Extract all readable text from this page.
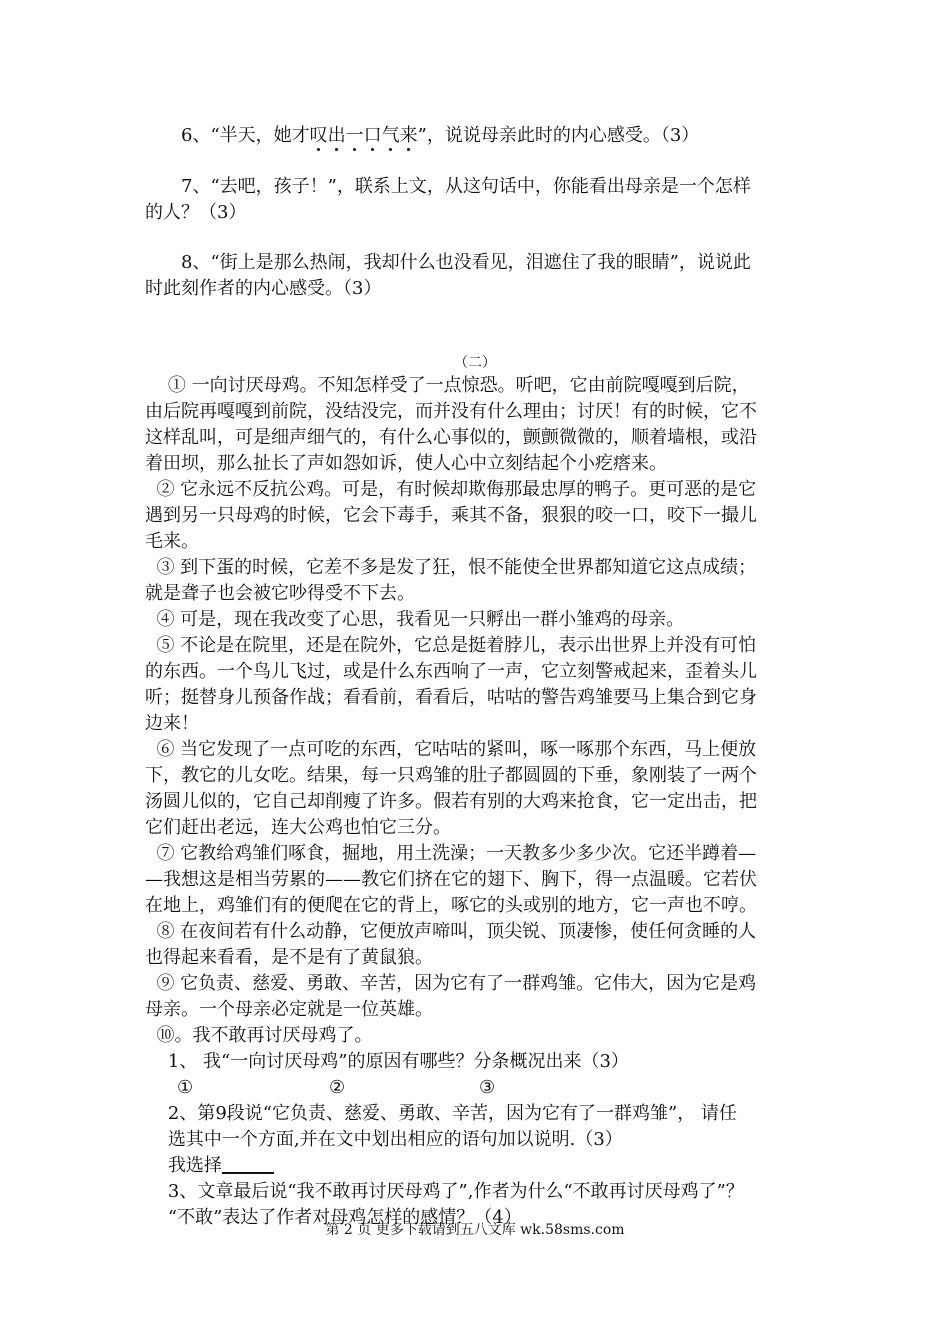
6、“半天，她才叹出一口气来”，说说母亲此时的内心感受。（3）
7、“去吧，孩子！”，联系上文，从这句话中，你能看出母亲是一个怎样
的人？（3）
8、“街上是那么热闹，我却什么也没看见，泪遮住了我的眼睛”，说说此
时此刻作者的内心感受。（3）
（二）
① 一向讨厌母鸡。不知怎样受了一点惊恐。听吧，它由前院嘎嘎到后院，
由后院再嘎嘎到前院，没结没完，而并没有什么理由；讨厌！有的时候，它不
这样乱叫，可是细声细气的，有什么心事似的，颤颤微微的，顺着墙根，或沿
着田坝，那么扯长了声如怨如诉，使人心中立刻结起个小疙瘩来。
② 它永远不反抗公鸡。可是，有时候却欺侮那最忠厚的鸭子。更可恶的是它
遇到另一只母鸡的时候，它会下毒手，乘其不备，狠狠的咬一口，咬下一撮儿
毛来。
③ 到下蛋的时候，它差不多是发了狂，恨不能使全世界都知道它这点成绩；
就是聋子也会被它吵得受不下去。
④ 可是，现在我改变了心思，我看见一只孵出一群小雏鸡的母亲。
⑤ 不论是在院里，还是在院外，它总是挺着脖儿，表示出世界上并没有可怕
的东西。一个鸟儿飞过，或是什么东西响了一声，它立刻警戒起来，歪着头儿
听；挺替身儿预备作战；看看前，看看后，咕咕的警告鸡雏要马上集合到它身
边来！
⑥ 当它发现了一点可吃的东西，它咕咕的紧叫，啄一啄那个东西，马上便放
下，教它的儿女吃。结果，每一只鸡雏的肚子都圆圆的下垂，象刚装了一两个
汤圆儿似的，它自己却削瘦了许多。假若有别的大鸡来抢食，它一定出击，把
它们赶出老远，连大公鸡也怕它三分。
⑦ 它教给鸡雏们啄食，掘地，用土洗澡；一天教多少多少次。它还半蹲着—
—我想这是相当劳累的——教它们挤在它的翅下、胸下，得一点温暖。它若伏
在地上，鸡雏们有的便爬在它的背上，啄它的头或别的地方，它一声也不哼。
⑧ 在夜间若有什么动静，它便放声啼叫，顶尖锐、顶凄惨，使任何贪睡的人
也得起来看看，是不是有了黄鼠狼。
⑨ 它负责、慈爱、勇敢、辛苦，因为它有了一群鸡雏。它伟大，因为它是鸡
母亲。一个母亲必定就是一位英雄。
⑩。我不敢再讨厌母鸡了。
1、 我“一向讨厌母鸡”的原因有哪些？分条概况出来（3）
①	②	③
2、第9段说“它负责、慈爱、勇敢、辛苦，因为它有了一群鸡雏”， 请任
选其中一个方面,并在文中划出相应的语句加以说明.（3）
我选择
3、文章最后说“我不敢再讨厌母鸡了”,作者为什么“不敢再讨厌母鸡了”？
“不敢”表达了作者对母鸡怎样的感情？（4）
第 2 页 更多下载请到五八文库 wk.58sms.com
